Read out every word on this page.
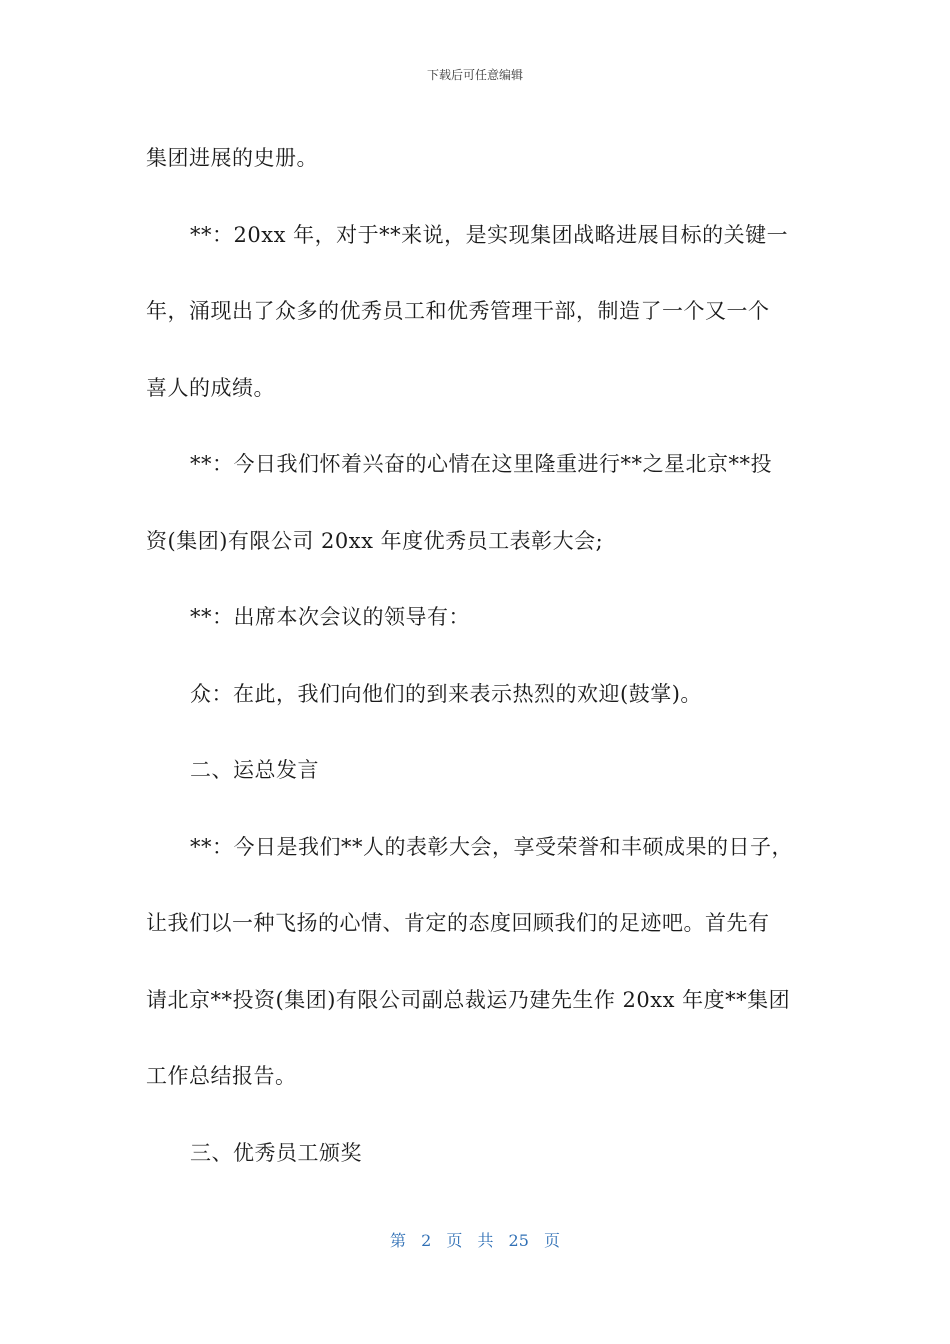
下载后可任意编辑

集团进展的史册。

**：20xx 年，对于**来说，是实现集团战略进展目标的关键一

年，涌现出了众多的优秀员工和优秀管理干部，制造了一个又一个

喜人的成绩。

**：今日我们怀着兴奋的心情在这里隆重进行**之星北京**投

资(集团)有限公司 20xx 年度优秀员工表彰大会;

**：出席本次会议的领导有：

众：在此，我们向他们的到来表示热烈的欢迎(鼓掌)。

二、运总发言

**：今日是我们**人的表彰大会，享受荣誉和丰硕成果的日子，

让我们以一种飞扬的心情、肯定的态度回顾我们的足迹吧。首先有

请北京**投资(集团)有限公司副总裁运乃建先生作 20xx 年度**集团

工作总结报告。

三、优秀员工颁奖

第 2 页 共 25 页
